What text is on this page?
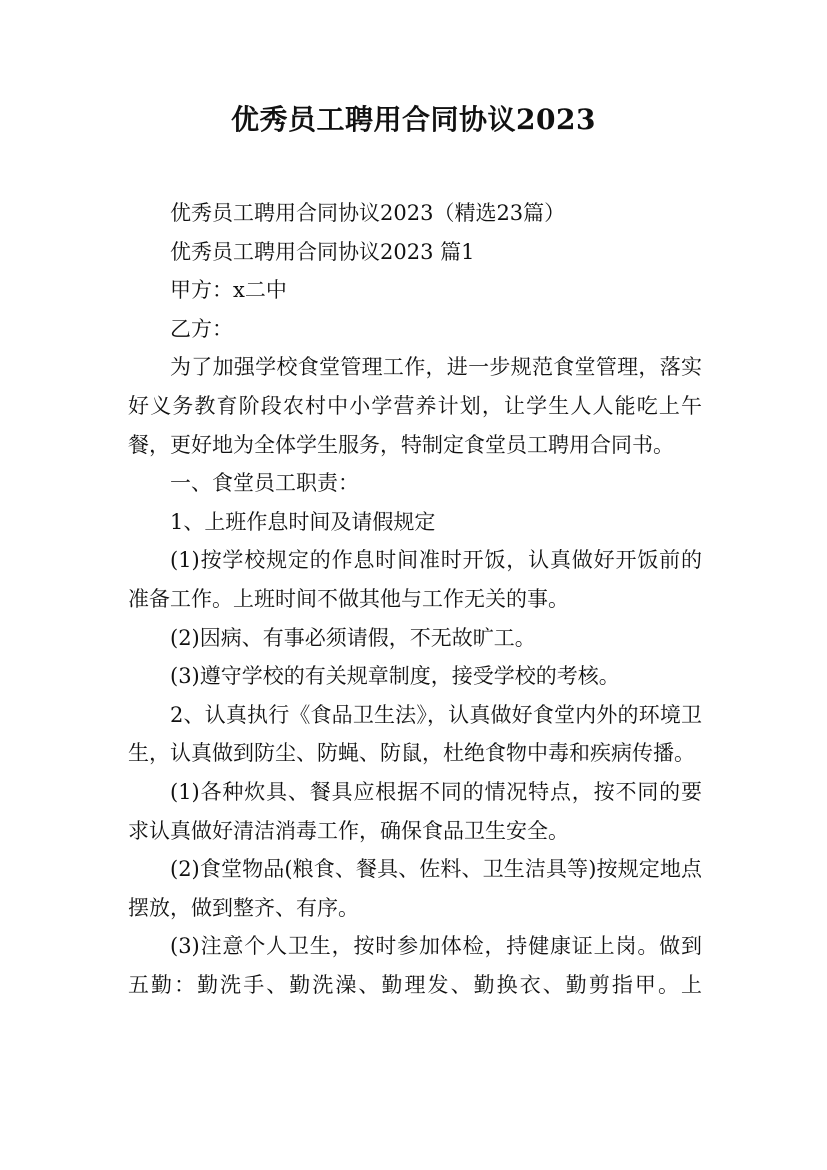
优秀员工聘用合同协议2023

优秀员工聘用合同协议2023（精选23篇）

优秀员工聘用合同协议2023 篇1

甲方：x二中

乙方：

为了加强学校食堂管理工作，进一步规范食堂管理，落实好义务教育阶段农村中小学营养计划，让学生人人能吃上午餐，更好地为全体学生服务，特制定食堂员工聘用合同书。

一、食堂员工职责：

1、上班作息时间及请假规定

(1)按学校规定的作息时间准时开饭，认真做好开饭前的准备工作。上班时间不做其他与工作无关的事。

(2)因病、有事必须请假，不无故旷工。

(3)遵守学校的有关规章制度，接受学校的考核。

2、认真执行《食品卫生法》，认真做好食堂内外的环境卫生，认真做到防尘、防蝇、防鼠，杜绝食物中毒和疾病传播。

(1)各种炊具、餐具应根据不同的情况特点，按不同的要求认真做好清洁消毒工作，确保食品卫生安全。

(2)食堂物品(粮食、餐具、佐料、卫生洁具等)按规定地点摆放，做到整齐、有序。

(3)注意个人卫生，按时参加体检，持健康证上岗。做到五勤：勤洗手、勤洗澡、勤理发、勤换衣、勤剪指甲。上
